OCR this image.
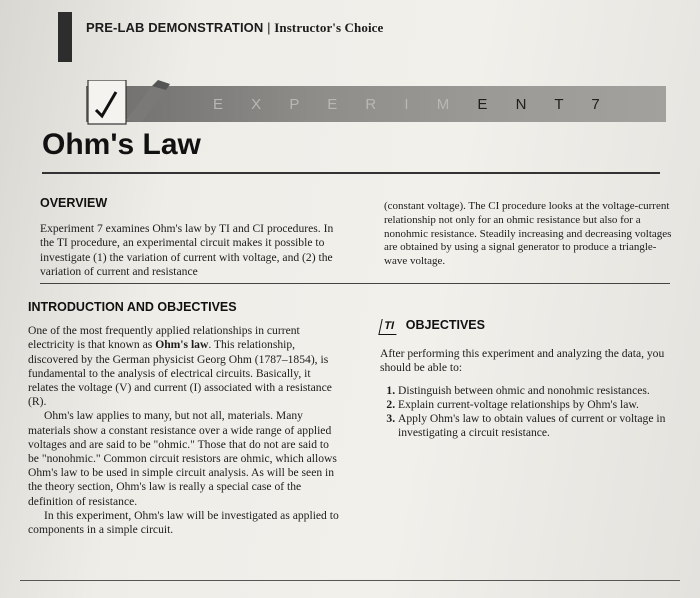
PRE-LAB DEMONSTRATION | Instructor's Choice
E X P E R I M E N T 7
Ohm's Law
OVERVIEW

Experiment 7 examines Ohm's law by TI and CI procedures. In the TI procedure, an experimental circuit makes it possible to investigate (1) the variation of current with voltage, and (2) the variation of current and resistance

(constant voltage). The CI procedure looks at the voltage-current relationship not only for an ohmic resistance but also for a nonohmic resistance. Steadily increasing and decreasing voltages are obtained by using a signal generator to produce a triangle-wave voltage.

INTRODUCTION AND OBJECTIVES

One of the most frequently applied relationships in current electricity is that known as Ohm's law. This relationship, discovered by the German physicist Georg Ohm (1787–1854), is fundamental to the analysis of electrical circuits. Basically, it relates the voltage (V) and current (I) associated with a resistance (R).

Ohm's law applies to many, but not all, materials. Many materials show a constant resistance over a wide range of applied voltages and are said to be "ohmic." Those that do not are said to be "nonohmic." Common circuit resistors are ohmic, which allows Ohm's law to be used in simple circuit analysis. As will be seen in the theory section, Ohm's law is really a special case of the definition of resistance.

In this experiment, Ohm's law will be investigated as applied to components in a simple circuit.

TI OBJECTIVES

After performing this experiment and analyzing the data, you should be able to:

1. Distinguish between ohmic and nonohmic resistances.
2. Explain current-voltage relationships by Ohm's law.
3. Apply Ohm's law to obtain values of current or voltage in investigating a circuit resistance.
